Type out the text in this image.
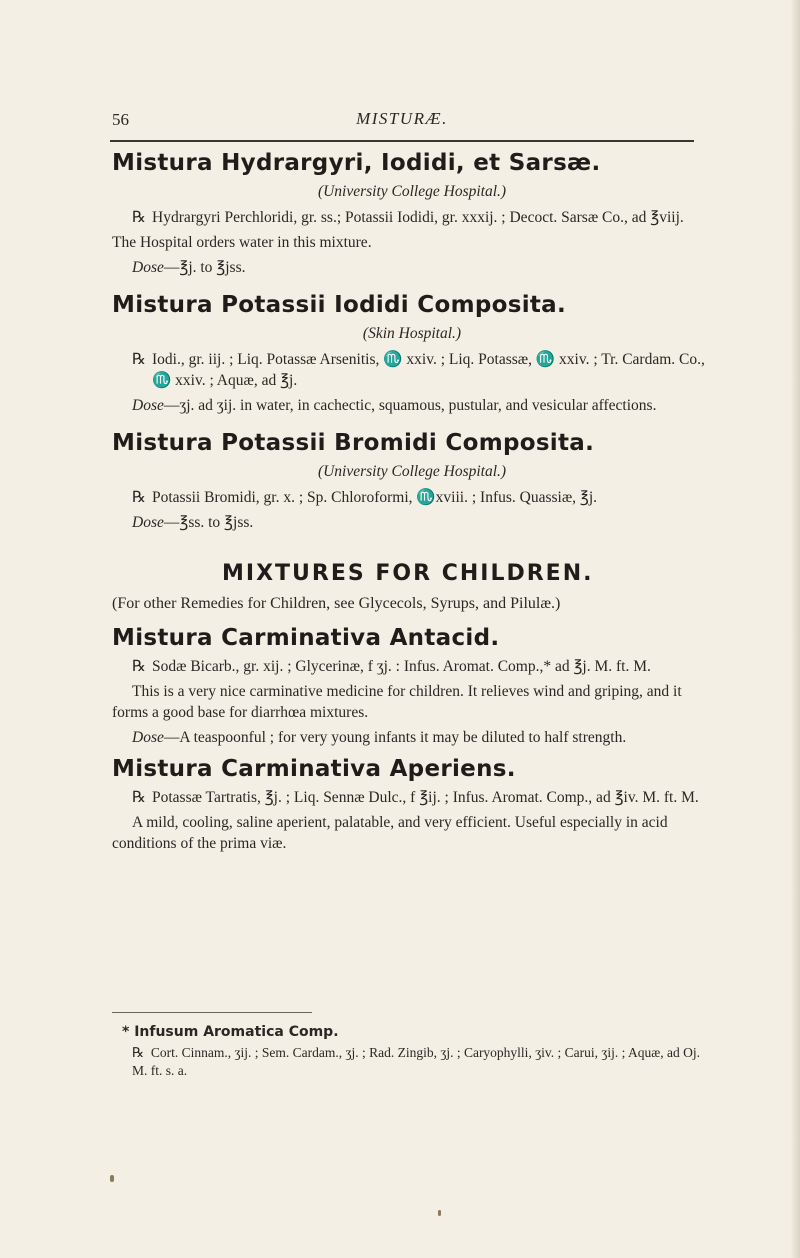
56	MISTURÆ.
Mistura Hydrargyri, Iodidi, et Sarsæ.
(University College Hospital.)

℞ Hydrargyri Perchloridi, gr. ss.; Potassii Iodidi, gr. xxxij. ; Decoct. Sarsæ Co., ad ℥viij.

The Hospital orders water in this mixture.

Dose—℥j. to ℥jss.

Mistura Potassii Iodidi Composita.
(Skin Hospital.)

℞ Iodi., gr. iij. ; Liq. Potassæ Arsenitis, ♏ xxiv. ; Liq. Potassæ, ♏ xxiv. ; Tr. Cardam. Co., ♏ xxiv. ; Aquæ, ad ℥j.

Dose—ʒj. ad ʒij. in water, in cachectic, squamous, pustular, and vesicular affections.

Mistura Potassii Bromidi Composita.
(University College Hospital.)

℞ Potassii Bromidi, gr. x. ; Sp. Chloroformi, ♏xviii. ; Infus. Quassiæ, ℥j.

Dose—℥ss. to ℥jss.

MIXTURES FOR CHILDREN.

(For other Remedies for Children, see Glycecols, Syrups, and Pilulæ.)

Mistura Carminativa Antacid.

℞ Sodæ Bicarb., gr. xij. ; Glycerinæ, f ʒj. : Infus. Aromat. Comp.,* ad ℥j. M. ft. M.

This is a very nice carminative medicine for children. It relieves wind and griping, and it forms a good base for diarrhœa mixtures.

Dose—A teaspoonful ; for very young infants it may be diluted to half strength.

Mistura Carminativa Aperiens.

℞ Potassæ Tartratis, ℥j. ; Liq. Sennæ Dulc., f ℥ij. ; Infus. Aromat. Comp., ad ℥iv. M. ft. M.

A mild, cooling, saline aperient, palatable, and very efficient. Useful especially in acid conditions of the prima viæ.

* Infusum Aromatica Comp.

℞ Cort. Cinnam., ʒij. ; Sem. Cardam., ʒj. ; Rad. Zingib, ʒj. ; Caryophylli, ʒiv. ; Carui, ʒij. ; Aquæ, ad Oj. M. ft. s. a.
